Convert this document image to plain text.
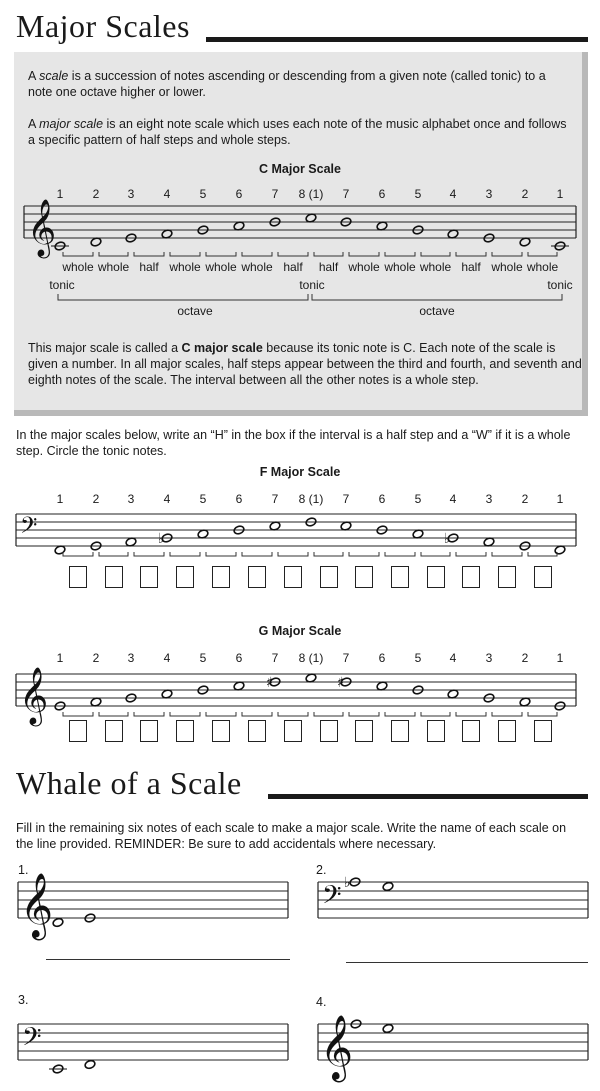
Major Scales
A scale is a succession of notes ascending or descending from a given note (called tonic) to a note one octave higher or lower.
A major scale is an eight note scale which uses each note of the music alphabet once and follows a specific pattern of half steps and whole steps.
C Major Scale
1 2 3 4 5 6 7 8 (1) 7 6 5 4 3 2 1
𝄞
whole whole half whole whole whole half half whole whole whole half whole whole
tonic	tonic	tonic
octave	octave
This major scale is called a C major scale because its tonic note is C. Each note of the scale is given a number. In all major scales, half steps appear between the third and fourth, and seventh and eighth notes of the scale. The interval between all the other notes is a whole step.
In the major scales below, write an “H” in the box if the interval is a half step and a “W” if it is a whole step. Circle the tonic notes.
F Major Scale
1 2 3 4 5 6 7 8 (1) 7 6 5 4 3 2 1
𝄢	♭	♭
G Major Scale
1 2 3 4 5 6 7 8 (1) 7 6 5 4 3 2 1
𝄞	♯	♯
Whale of a Scale
Fill in the remaining six notes of each scale to make a major scale. Write the name of each scale on the line provided. REMINDER: Be sure to add accidentals where necessary.
1.
𝄞
2.
𝄢 ♭
3.
𝄢
4.
𝄞
